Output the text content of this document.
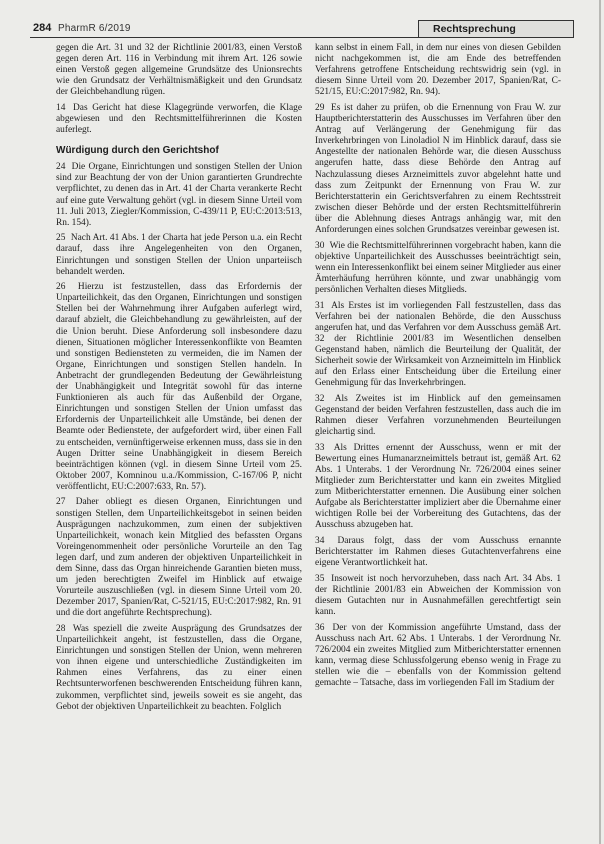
284 PharmR 6/2019	Rechtsprechung

gegen die Art. 31 und 32 der Richtlinie 2001/83, einen Verstoß gegen deren Art. 116 in Verbindung mit ihrem Art. 126 sowie einen Verstoß gegen allgemeine Grundsätze des Unionsrechts wie den Grundsatz der Verhältnismäßigkeit und den Grundsatz der Gleichbehandlung rügen.

14 Das Gericht hat diese Klagegründe verworfen, die Klage abgewiesen und den Rechtsmittelführerinnen die Kosten auferlegt.

Würdigung durch den Gerichtshof

24 Die Organe, Einrichtungen und sonstigen Stellen der Union sind zur Beachtung der von der Union garantierten Grundrechte verpflichtet, zu denen das in Art. 41 der Charta verankerte Recht auf eine gute Verwaltung gehört (vgl. in diesem Sinne Urteil vom 11. Juli 2013, Ziegler/Kommission, C-439/11 P, EU:C:2013:513, Rn. 154).

25 Nach Art. 41 Abs. 1 der Charta hat jede Person u.a. ein Recht darauf, dass ihre Angelegenheiten von den Organen, Einrichtungen und sonstigen Stellen der Union unparteiisch behandelt werden.

26 Hierzu ist festzustellen, dass das Erfordernis der Unparteilichkeit, das den Organen, Einrichtungen und sonstigen Stellen bei der Wahrnehmung ihrer Aufgaben auferlegt wird, darauf abzielt, die Gleichbehandlung zu gewährleisten, auf der die Union beruht. Diese Anforderung soll insbesondere dazu dienen, Situationen möglicher Interessenkonflikte von Beamten und sonstigen Bediensteten zu vermeiden, die im Namen der Organe, Einrichtungen und sonstigen Stellen handeln. In Anbetracht der grundlegenden Bedeutung der Gewährleistung der Unabhängigkeit und Integrität sowohl für das interne Funktionieren als auch für das Außenbild der Organe, Einrichtungen und sonstigen Stellen der Union umfasst das Erfordernis der Unparteilichkeit alle Umstände, bei denen der Beamte oder Bedienstete, der aufgefordert wird, über einen Fall zu entscheiden, vernünftigerweise erkennen muss, dass sie in den Augen Dritter seine Unabhängigkeit in diesem Bereich beeinträchtigen können (vgl. in diesem Sinne Urteil vom 25. Oktober 2007, Komninou u.a./Kommission, C-167/06 P, nicht veröffentlicht, EU:C:2007:633, Rn. 57).

27 Daher obliegt es diesen Organen, Einrichtungen und sonstigen Stellen, dem Unparteilichkeitsgebot in seinen beiden Ausprägungen nachzukommen, zum einen der subjektiven Unparteilichkeit, wonach kein Mitglied des befassten Organs Voreingenommenheit oder persönliche Vorurteile an den Tag legen darf, und zum anderen der objektiven Unparteilichkeit in dem Sinne, dass das Organ hinreichende Garantien bieten muss, um jeden berechtigten Zweifel im Hinblick auf etwaige Vorurteile auszuschließen (vgl. in diesem Sinne Urteil vom 20. Dezember 2017, Spanien/Rat, C-521/15, EU:C:2017:982, Rn. 91 und die dort angeführte Rechtsprechung).

28 Was speziell die zweite Ausprägung des Grundsatzes der Unparteilichkeit angeht, ist festzustellen, dass die Organe, Einrichtungen und sonstigen Stellen der Union, wenn mehreren von ihnen eigene und unterschiedliche Zuständigkeiten im Rahmen eines Verfahrens, das zu einer einen Rechtsunterworfenen beschwerenden Entscheidung führen kann, zukommen, verpflichtet sind, jeweils soweit es sie angeht, das Gebot der objektiven Unparteilichkeit zu beachten. Folglich

kann selbst in einem Fall, in dem nur eines von diesen Gebilden nicht nachgekommen ist, die am Ende des betreffenden Verfahrens getroffene Entscheidung rechtswidrig sein (vgl. in diesem Sinne Urteil vom 20. Dezember 2017, Spanien/Rat, C-521/15, EU:C:2017:982, Rn. 94).

29 Es ist daher zu prüfen, ob die Ernennung von Frau W. zur Hauptberichterstatterin des Ausschusses im Verfahren über den Antrag auf Verlängerung der Genehmigung für das Inverkehrbringen von Linoladiol N im Hinblick darauf, dass sie Angestellte der nationalen Behörde war, die diesen Ausschuss angerufen hatte, dass diese Behörde den Antrag auf Nachzulassung dieses Arzneimittels zuvor abgelehnt hatte und dass zum Zeitpunkt der Ernennung von Frau W. zur Berichterstatterin ein Gerichtsverfahren zu einem Rechtsstreit zwischen dieser Behörde und der ersten Rechtsmittelführerin über die Ablehnung dieses Antrags anhängig war, mit den Anforderungen eines solchen Grundsatzes vereinbar gewesen ist.

30 Wie die Rechtsmittelführerinnen vorgebracht haben, kann die objektive Unparteilichkeit des Ausschusses beeinträchtigt sein, wenn ein Interessenkonflikt bei einem seiner Mitglieder aus einer Ämterhäufung herrühren könnte, und zwar unabhängig vom persönlichen Verhalten dieses Mitglieds.

31 Als Erstes ist im vorliegenden Fall festzustellen, dass das Verfahren bei der nationalen Behörde, die den Ausschuss angerufen hat, und das Verfahren vor dem Ausschuss gemäß Art. 32 der Richtlinie 2001/83 im Wesentlichen denselben Gegenstand haben, nämlich die Beurteilung der Qualität, der Sicherheit sowie der Wirksamkeit von Arzneimitteln im Hinblick auf den Erlass einer Entscheidung über die Erteilung einer Genehmigung für das Inverkehrbringen.

32 Als Zweites ist im Hinblick auf den gemeinsamen Gegenstand der beiden Verfahren festzustellen, dass auch die im Rahmen dieser Verfahren vorzunehmenden Beurteilungen gleichartig sind.

33 Als Drittes ernennt der Ausschuss, wenn er mit der Bewertung eines Humanarzneimittels betraut ist, gemäß Art. 62 Abs. 1 Unterabs. 1 der Verordnung Nr. 726/2004 eines seiner Mitglieder zum Berichterstatter und kann ein zweites Mitglied zum Mitberichterstatter ernennen. Die Ausübung einer solchen Aufgabe als Berichterstatter impliziert aber die Übernahme einer wichtigen Rolle bei der Vorbereitung des Gutachtens, das der Ausschuss abzugeben hat.

34 Daraus folgt, dass der vom Ausschuss ernannte Berichterstatter im Rahmen dieses Gutachtenverfahrens eine eigene Verantwortlichkeit hat.

35 Insoweit ist noch hervorzuheben, dass nach Art. 34 Abs. 1 der Richtlinie 2001/83 ein Abweichen der Kommission von diesem Gutachten nur in Ausnahmefällen gerechtfertigt sein kann.

36 Der von der Kommission angeführte Umstand, dass der Ausschuss nach Art. 62 Abs. 1 Unterabs. 1 der Verordnung Nr. 726/2004 ein zweites Mitglied zum Mitberichterstatter ernennen kann, vermag diese Schlussfolgerung ebenso wenig in Frage zu stellen wie die – ebenfalls von der Kommission geltend gemachte – Tatsache, dass im vorliegenden Fall im Stadium der
